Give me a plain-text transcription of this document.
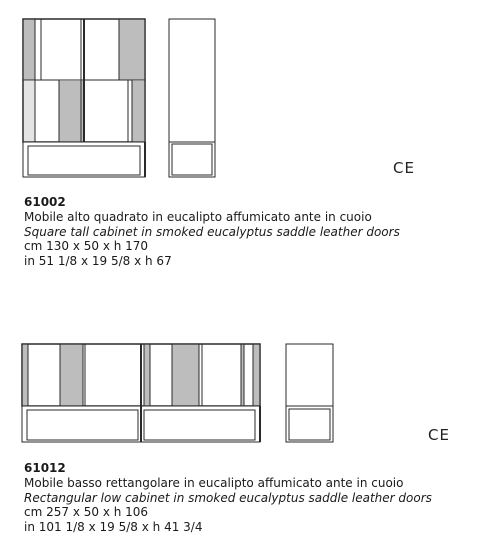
CE
CE
61002
Mobile alto quadrato in eucalipto affumicato ante in cuoio
Square tall cabinet in smoked eucalyptus saddle leather doors
cm 130 x 50 x h 170
in 51 1/8 x 19 5/8 x h 67
61012
Mobile basso rettangolare in eucalipto affumicato ante in cuoio
Rectangular low cabinet in smoked eucalyptus saddle leather doors
cm 257 x 50 x h 106
in 101 1/8 x 19 5/8 x h 41 3/4
